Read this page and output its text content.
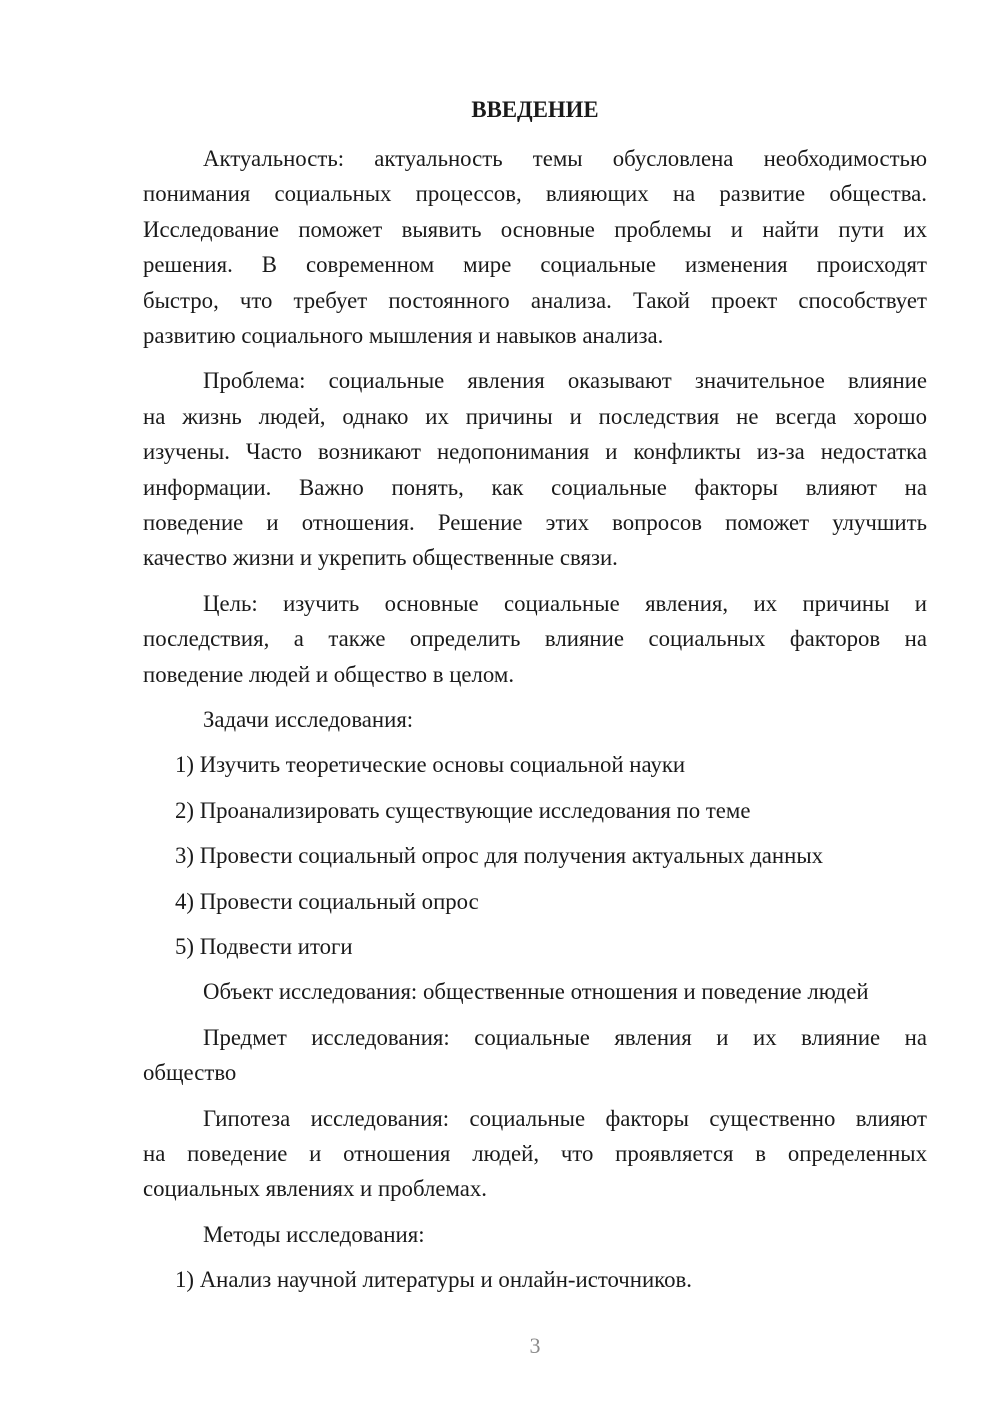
ВВЕДЕНИЕ
Актуальность: актуальность темы обусловлена необходимостью
понимания социальных процессов, влияющих на развитие общества.
Исследование поможет выявить основные проблемы и найти пути их
решения. В современном мире социальные изменения происходят
быстро, что требует постоянного анализа. Такой проект способствует
развитию социального мышления и навыков анализа.
Проблема: социальные явления оказывают значительное влияние
на жизнь людей, однако их причины и последствия не всегда хорошо
изучены. Часто возникают недопонимания и конфликты из-за недостатка
информации. Важно понять, как социальные факторы влияют на
поведение и отношения. Решение этих вопросов поможет улучшить
качество жизни и укрепить общественные связи.
Цель: изучить основные социальные явления, их причины и
последствия, а также определить влияние социальных факторов на
поведение людей и общество в целом.
Задачи исследования:
1) Изучить теоретические основы социальной науки
2) Проанализировать существующие исследования по теме
3) Провести социальный опрос для получения актуальных данных
4) Провести социальный опрос
5) Подвести итоги
Объект исследования: общественные отношения и поведение людей
Предмет исследования: социальные явления и их влияние на
общество
Гипотеза исследования: социальные факторы существенно влияют
на поведение и отношения людей, что проявляется в определенных
социальных явлениях и проблемах.
Методы исследования:
1) Анализ научной литературы и онлайн-источников.
3
